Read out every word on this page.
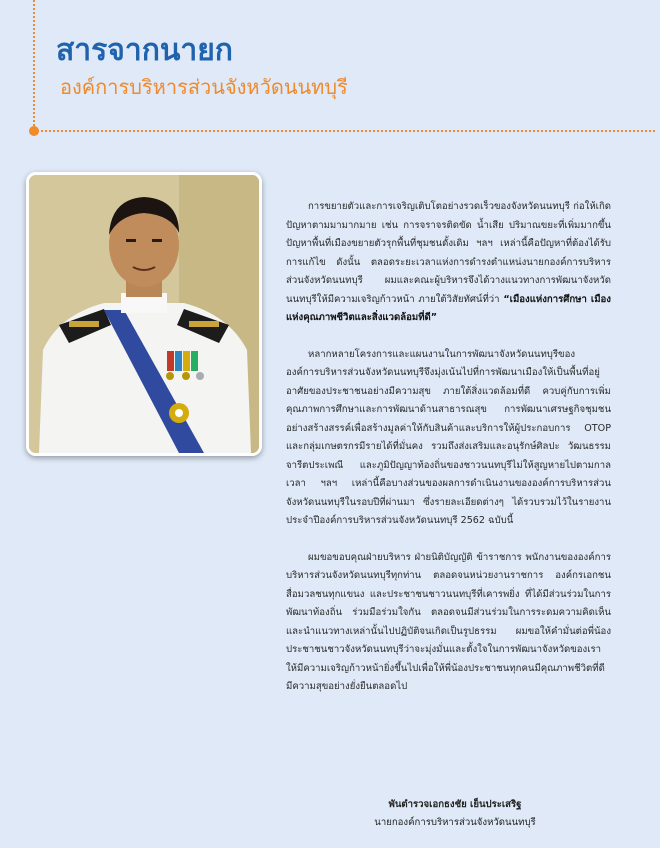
สารจากนายก
องค์การบริหารส่วนจังหวัดนนทบุรี

การขยายตัวและการเจริญเติบโตอย่างรวดเร็วของจังหวัดนนทบุรี ก่อให้เกิดปัญหาตามมามากมาย เช่น การจราจรติดขัด น้ำเสีย ปริมาณขยะที่เพิ่มมากขึ้น ปัญหาพื้นที่เมืองขยายตัวรุกพื้นที่ชุมชนดั้งเดิม ฯลฯ เหล่านี้คือปัญหาที่ต้องได้รับการแก้ไข ดังนั้น ตลอดระยะเวลาแห่งการดำรงตำแหน่งนายกองค์การบริหารส่วนจังหวัดนนทบุรี ผมและคณะผู้บริหารจึงได้วางแนวทางการพัฒนาจังหวัดนนทบุรีให้มีความเจริญก้าวหน้า ภายใต้วิสัยทัศน์ที่ว่า “เมืองแห่งการศึกษา เมืองแห่งคุณภาพชีวิตและสิ่งแวดล้อมที่ดี”

หลากหลายโครงการและแผนงานในการพัฒนาจังหวัดนนทบุรีของ องค์การบริหารส่วนจังหวัดนนทบุรีจึงมุ่งเน้นไปที่การพัฒนาเมืองให้เป็นพื้นที่อยู่อาศัยของประชาชนอย่างมีความสุข ภายใต้สิ่งแวดล้อมที่ดี ควบคู่กับการเพิ่มคุณภาพการศึกษาและการพัฒนาด้านสาธารณสุข การพัฒนาเศรษฐกิจชุมชนอย่างสร้างสรรค์เพื่อสร้างมูลค่าให้กับสินค้าและบริการให้ผู้ประกอบการ OTOP และกลุ่มเกษตรกรมีรายได้ที่มั่นคง รวมถึงส่งเสริมและอนุรักษ์ศิลปะ วัฒนธรรม จารีตประเพณี และภูมิปัญญาท้องถิ่นของชาวนนทบุรีไม่ให้สูญหายไปตามกาลเวลา ฯลฯ เหล่านี้คือบางส่วนของผลการดำเนินงานขององค์การบริหารส่วนจังหวัดนนทบุรีในรอบปีที่ผ่านมา ซึ่งรายละเอียดต่างๆ ได้รวบรวมไว้ในรายงานประจำปีองค์การบริหารส่วนจังหวัดนนทบุรี 2562 ฉบับนี้

ผมขอขอบคุณฝ่ายบริหาร ฝ่ายนิติบัญญัติ ข้าราชการ พนักงานขององค์การบริหารส่วนจังหวัดนนทบุรีทุกท่าน ตลอดจนหน่วยงานราชการ องค์กรเอกชน สื่อมวลชนทุกแขนง และประชาชนชาวนนทบุรีที่เคารพยิ่ง ที่ได้มีส่วนร่วมในการพัฒนาท้องถิ่น ร่วมมือร่วมใจกัน ตลอดจนมีส่วนร่วมในการระดมความคิดเห็นและนำแนวทางเหล่านั้นไปปฏิบัติจนเกิดเป็นรูปธรรม ผมขอให้คำมั่นต่อพี่น้องประชาชนชาวจังหวัดนนทบุรีว่าจะมุ่งมั่นและตั้งใจในการพัฒนาจังหวัดของเราให้มีความเจริญก้าวหน้ายิ่งขึ้นไปเพื่อให้พี่น้องประชาชนทุกคนมีคุณภาพชีวิตที่ดี มีความสุขอย่างยั่งยืนตลอดไป

พันตำรวจเอกธงชัย เย็นประเสริฐ
นายกองค์การบริหารส่วนจังหวัดนนทบุรี
